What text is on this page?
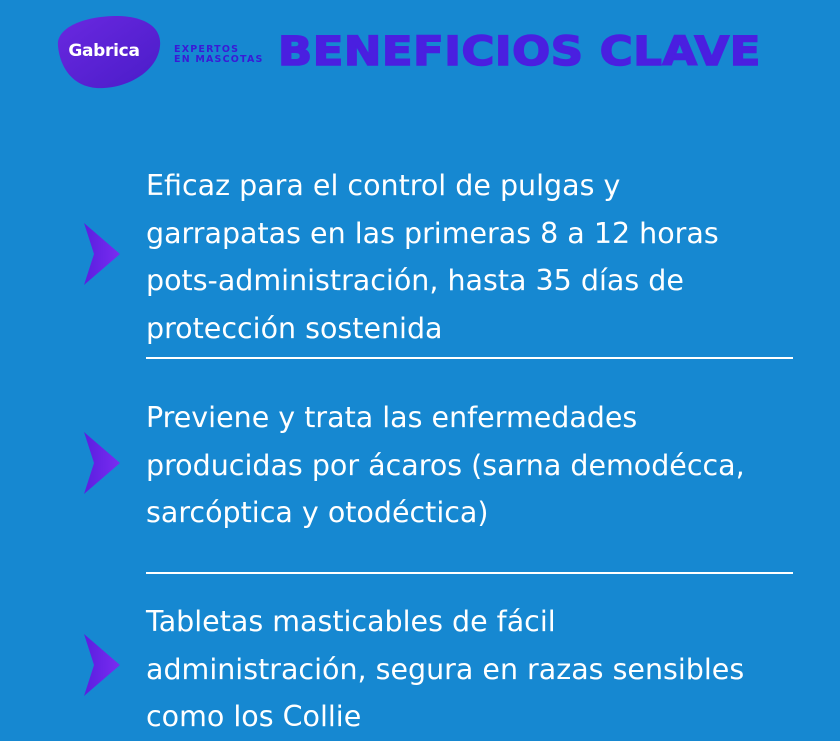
Gabrica	EXPERTOS
EN MASCOTAS BENEFICIOS CLAVE
Eficaz para el control de pulgas y
garrapatas en las primeras 8 a 12 horas
pots-administración, hasta 35 días de
protección sostenida
Previene y trata las enfermedades
producidas por ácaros (sarna demodécca,
sarcóptica y otodéctica)
Tabletas masticables de fácil
administración, segura en razas sensibles
como los Collie
